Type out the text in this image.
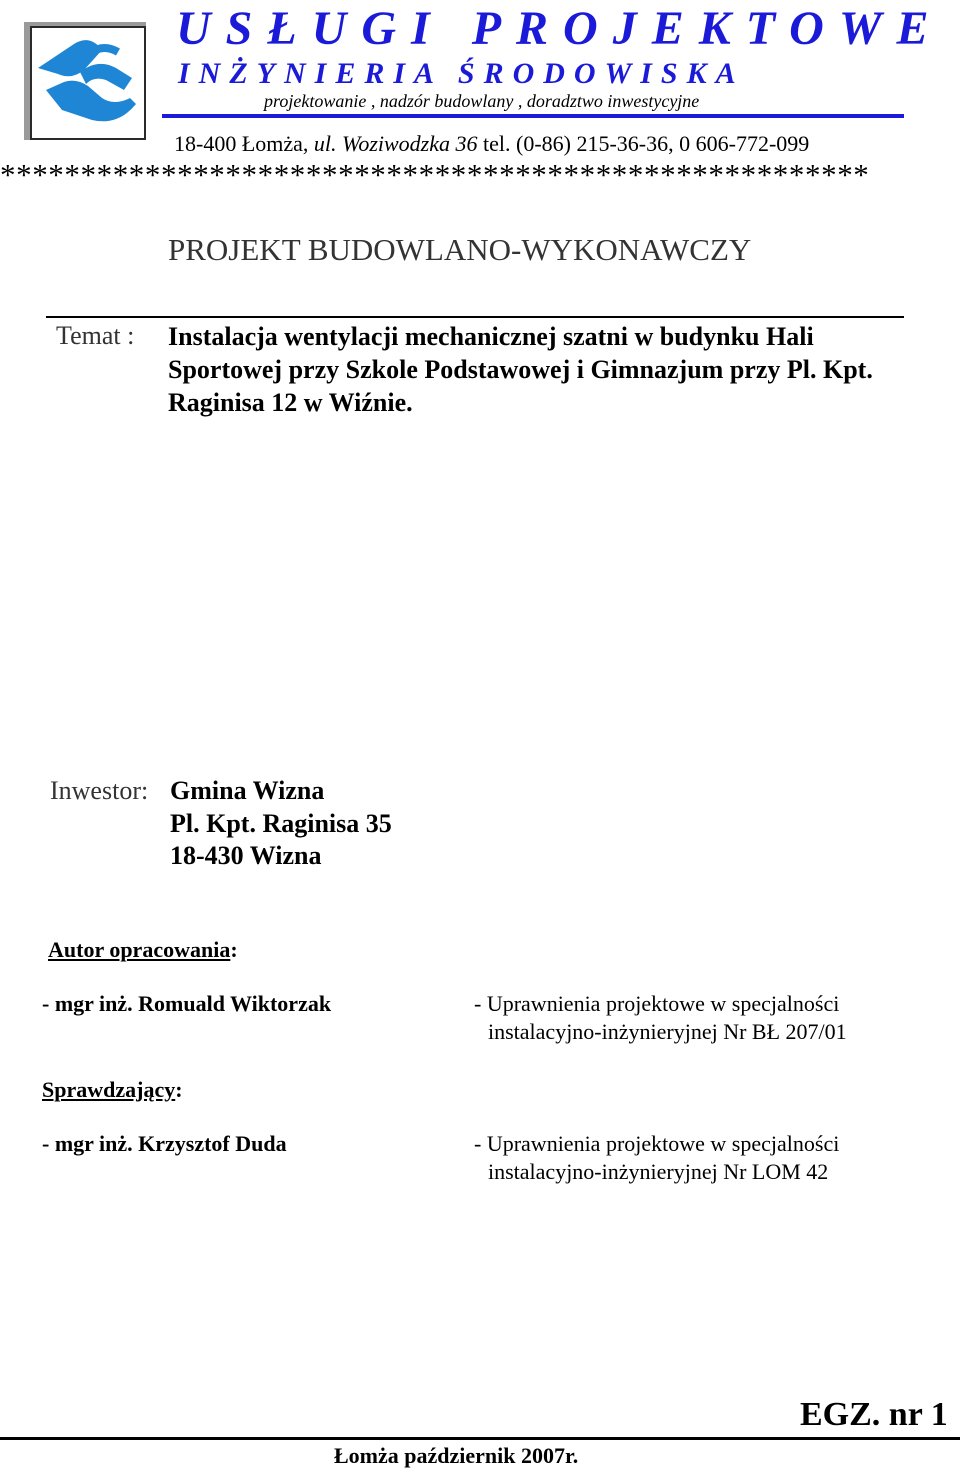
USŁUGI PROJEKTOWE
INŻYNIERIA ŚRODOWISKA
projektowanie , nadzór budowlany , doradztwo inwestycyjne
18-400 Łomża, ul. Woziwodzka 36 tel. (0-86) 215-36-36, 0 606-772-099
******************************************************
PROJEKT BUDOWLANO-WYKONAWCZY
Temat : Instalacja wentylacji mechanicznej szatni w budynku Hali
Sportowej przy Szkole Podstawowej i Gimnazjum przy Pl. Kpt.
Raginisa 12 w Wiźnie.
Inwestor: Gmina Wizna
Pl. Kpt. Raginisa 35
18-430 Wizna
Autor opracowania:
- mgr inż. Romuald Wiktorzak	- Uprawnienia projektowe w specjalności
instalacyjno-inżynieryjnej Nr BŁ 207/01
Sprawdzający:
- mgr inż. Krzysztof Duda	- Uprawnienia projektowe w specjalności
instalacyjno-inżynieryjnej Nr LOM 42
EGZ. nr 1
Łomża październik 2007r.
